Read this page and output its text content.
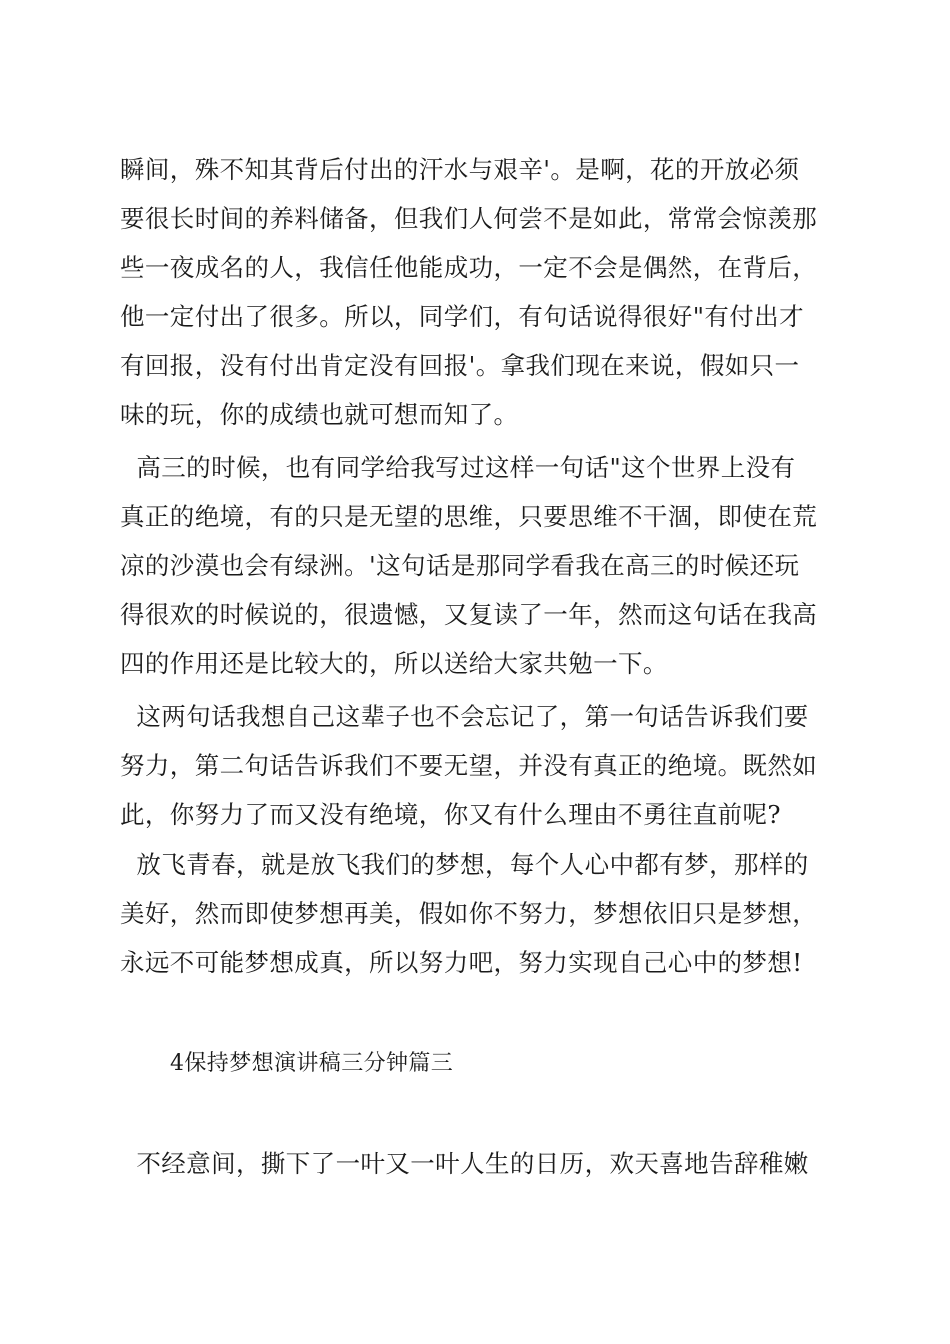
瞬间，殊不知其背后付出的汗水与艰辛'。是啊，花的开放必须
要很长时间的养料储备，但我们人何尝不是如此，常常会惊羡那
些一夜成名的人，我信任他能成功，一定不会是偶然，在背后，
他一定付出了很多。所以，同学们，有句话说得很好"有付出才
有回报，没有付出肯定没有回报'。拿我们现在来说，假如只一
味的玩，你的成绩也就可想而知了。
高三的时候，也有同学给我写过这样一句话"这个世界上没有
真正的绝境，有的只是无望的思维，只要思维不干涸，即使在荒
凉的沙漠也会有绿洲。'这句话是那同学看我在高三的时候还玩
得很欢的时候说的，很遗憾，又复读了一年，然而这句话在我高
四的作用还是比较大的，所以送给大家共勉一下。
这两句话我想自己这辈子也不会忘记了，第一句话告诉我们要
努力，第二句话告诉我们不要无望，并没有真正的绝境。既然如
此，你努力了而又没有绝境，你又有什么理由不勇往直前呢?
放飞青春，就是放飞我们的梦想，每个人心中都有梦，那样的
美好，然而即使梦想再美，假如你不努力，梦想依旧只是梦想，
永远不可能梦想成真，所以努力吧，努力实现自己心中的梦想!
4保持梦想演讲稿三分钟篇三
不经意间，撕下了一叶又一叶人生的日历，欢天喜地告辞稚嫩
